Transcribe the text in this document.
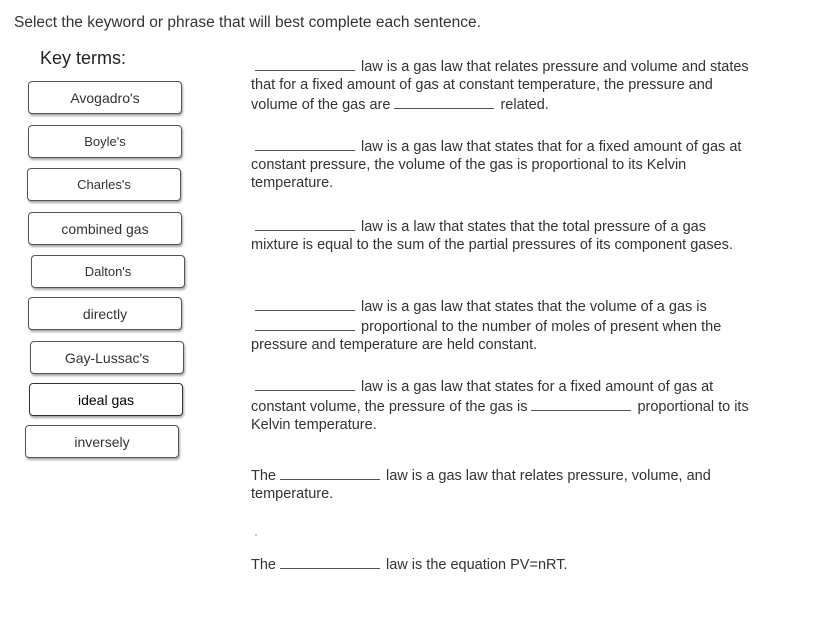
Select the keyword or phrase that will best complete each sentence.
Key terms:
Avogadro's
Boyle's
Charles's
combined gas
Dalton's
directly
Gay-Lussac's
ideal gas
inversely
law is a gas law that relates pressure and volume and states that for a fixed amount of gas at constant temperature, the pressure and volume of the gas are	related.
law is a gas law that states that for a fixed amount of gas at constant pressure, the volume of the gas is proportional to its Kelvin temperature.
law is a law that states that the total pressure of a gas mixture is equal to the sum of the partial pressures of its component gases.
law is a gas law that states that the volume of a gas isproportional to the number of moles of present when the pressure and temperature are held constant.
law is a gas law that states for a fixed amount of gas at constant volume, the pressure of the gas is	proportional to its Kelvin temperature.
The	law is a gas law that relates pressure, volume, and temperature.
The	law is the equation PV=nRT.
